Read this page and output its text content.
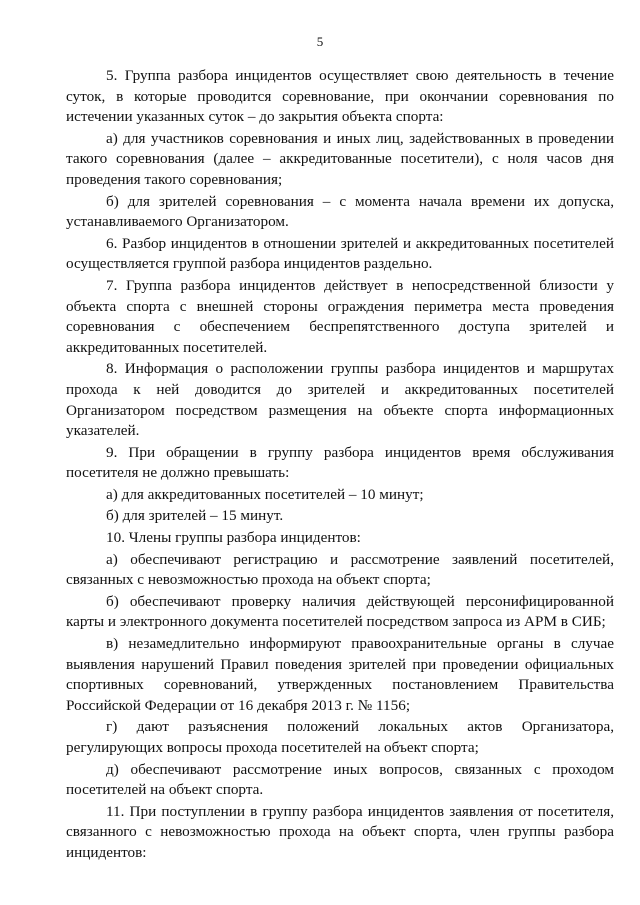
5

5. Группа разбора инцидентов осуществляет свою деятельность в течение суток, в которые проводится соревнование, при окончании соревнования по истечении указанных суток – до закрытия объекта спорта:

а) для участников соревнования и иных лиц, задействованных в проведении такого соревнования (далее – аккредитованные посетители), с ноля часов дня проведения такого соревнования;

б) для зрителей соревнования – с момента начала времени их допуска, устанавливаемого Организатором.

6. Разбор инцидентов в отношении зрителей и аккредитованных посетителей осуществляется группой разбора инцидентов раздельно.

7. Группа разбора инцидентов действует в непосредственной близости у объекта спорта с внешней стороны ограждения периметра места проведения соревнования с обеспечением беспрепятственного доступа зрителей и аккредитованных посетителей.

8. Информация о расположении группы разбора инцидентов и маршрутах прохода к ней доводится до зрителей и аккредитованных посетителей Организатором посредством размещения на объекте спорта информационных указателей.

9. При обращении в группу разбора инцидентов время обслуживания посетителя не должно превышать:

а) для аккредитованных посетителей – 10 минут;

б) для зрителей – 15 минут.

10. Члены группы разбора инцидентов:

а) обеспечивают регистрацию и рассмотрение заявлений посетителей, связанных с невозможностью прохода на объект спорта;

б) обеспечивают проверку наличия действующей персонифицированной карты и электронного документа посетителей посредством запроса из АРМ в СИБ;

в) незамедлительно информируют правоохранительные органы в случае выявления нарушений Правил поведения зрителей при проведении официальных спортивных соревнований, утвержденных постановлением Правительства Российской Федерации от 16 декабря 2013 г. № 1156;

г) дают разъяснения положений локальных актов Организатора, регулирующих вопросы прохода посетителей на объект спорта;

д) обеспечивают рассмотрение иных вопросов, связанных с проходом посетителей на объект спорта.

11. При поступлении в группу разбора инцидентов заявления от посетителя, связанного с невозможностью прохода на объект спорта, член группы разбора инцидентов:
